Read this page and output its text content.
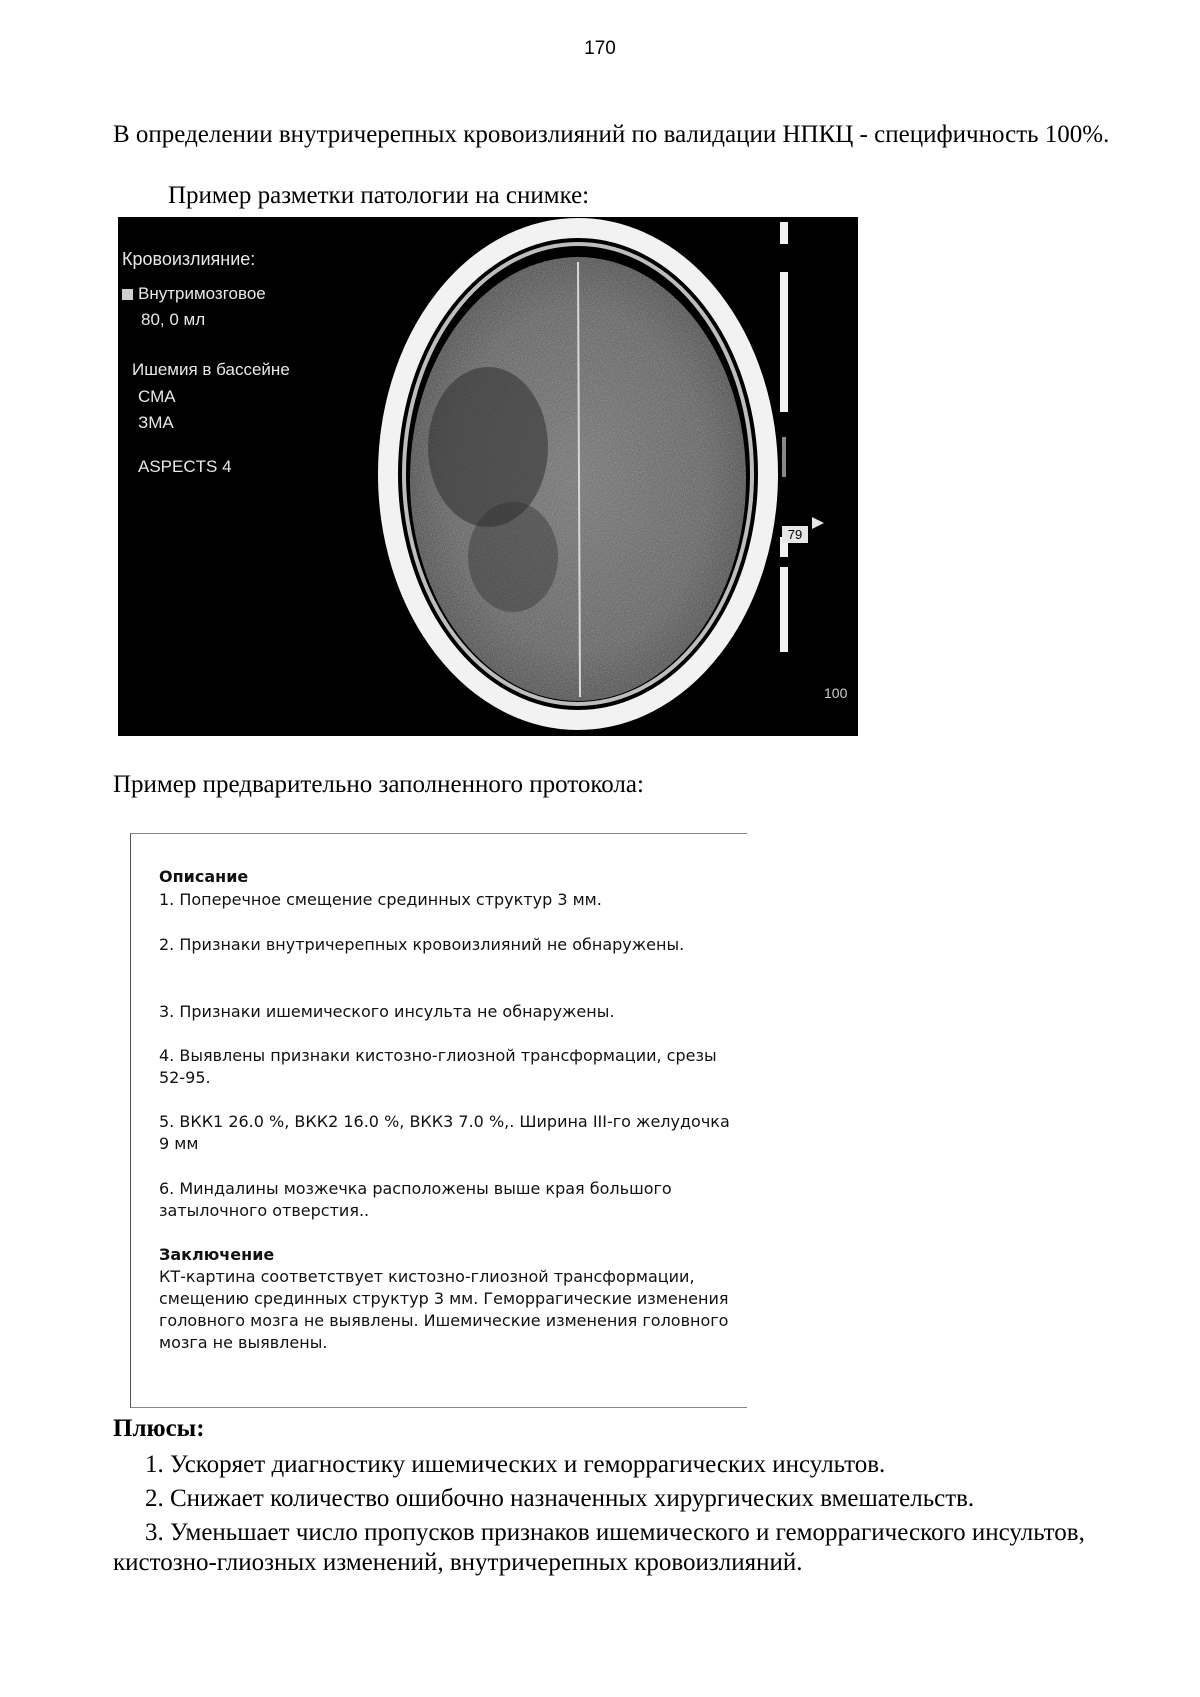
170
В определении внутричерепных кровоизлияний по валидации НПКЦ - специфичность 100%.
Пример разметки патологии на снимке:
Кровоизлияние:
Внутримозговое
80, 0 мл
Ишемия в бассейне
СМА
ЗМА
ASPECTS 4
79
100
Пример предварительно заполненного протокола:
Описание
1. Поперечное смещение срединных структур 3 мм.
2. Признаки внутричерепных кровоизлияний не обнаружены.
3. Признаки ишемического инсульта не обнаружены.
4. Выявлены признаки кистозно-глиозной трансформации, срезы 52-95.
5. ВКК1 26.0 %, ВКК2 16.0 %, ВКК3 7.0 %,. Ширина III-го желудочка 9 мм
6. Миндалины мозжечка расположены выше края большого затылочного отверстия..
Заключение
КТ-картина соответствует кистозно-глиозной трансформации, смещению срединных структур 3 мм. Геморрагические изменения головного мозга не выявлены. Ишемические изменения головного мозга не выявлены.
Плюсы:
1. Ускоряет диагностику ишемических и геморрагических инсультов.
2. Снижает количество ошибочно назначенных хирургических вмешательств.
3. Уменьшает число пропусков признаков ишемического и геморрагического инсультов, кистозно-глиозных изменений, внутричерепных кровоизлияний.
